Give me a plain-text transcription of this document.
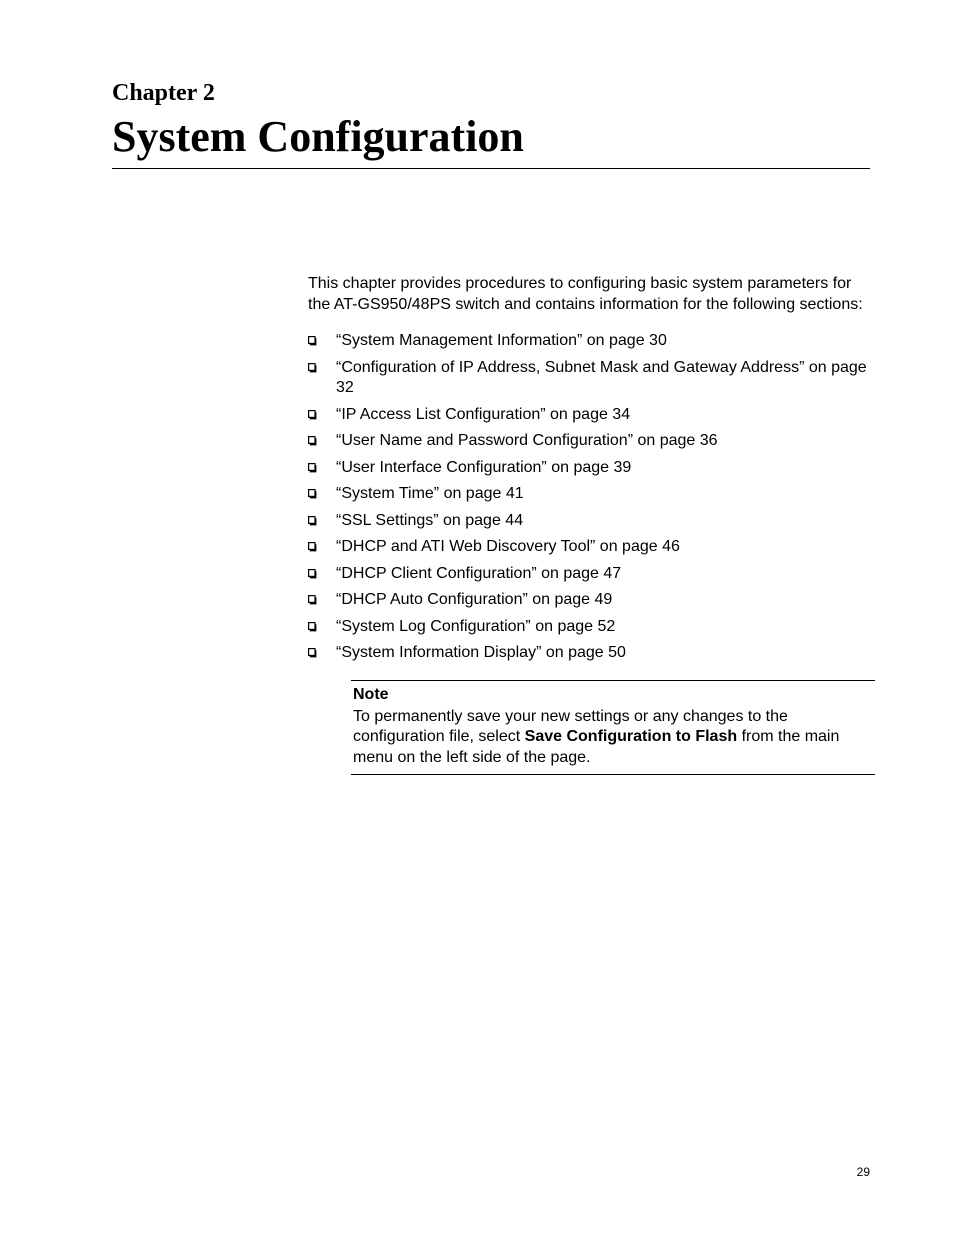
Chapter 2
System Configuration

This chapter provides procedures to configuring basic system parameters for the AT-GS950/48PS switch and contains information for the following sections:

“System Management Information” on page 30
“Configuration of IP Address, Subnet Mask and Gateway Address” on page 32
“IP Access List Configuration” on page 34
“User Name and Password Configuration” on page 36
“User Interface Configuration” on page 39
“System Time” on page 41
“SSL Settings” on page 44
“DHCP and ATI Web Discovery Tool” on page 46
“DHCP Client Configuration” on page 47
“DHCP Auto Configuration” on page 49
“System Log Configuration” on page 52
“System Information Display” on page 50
Note
To permanently save your new settings or any changes to the configuration file, select Save Configuration to Flash from the main menu on the left side of the page.
29
